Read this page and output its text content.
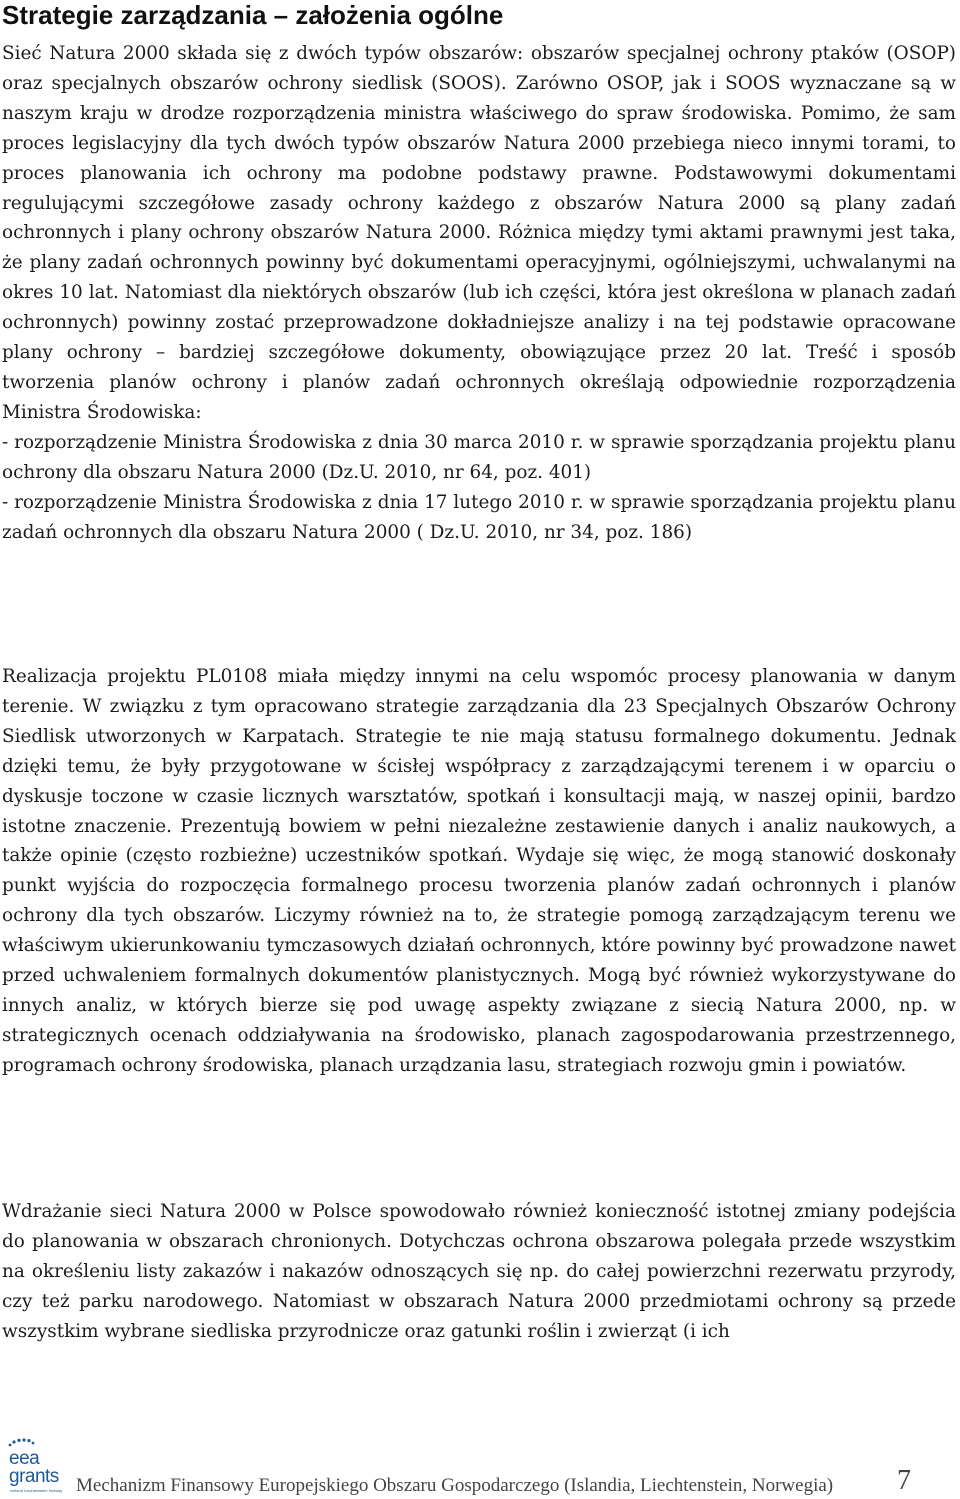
Strategie zarządzania – założenia ogólne

Sieć Natura 2000 składa się z dwóch typów obszarów: obszarów specjalnej ochrony ptaków (OSOP) oraz specjalnych obszarów ochrony siedlisk (SOOS). Zarówno OSOP, jak i SOOS wyznaczane są w naszym kraju w drodze rozporządzenia ministra właściwego do spraw środowiska. Pomimo, że sam proces legislacyjny dla tych dwóch typów obszarów Natura 2000 przebiega nieco innymi torami, to proces planowania ich ochrony ma podobne podstawy prawne. Podstawowymi dokumentami regulującymi szczegółowe zasady ochrony każdego z obszarów Natura 2000 są plany zadań ochronnych i plany ochrony obszarów Natura 2000. Różnica między tymi aktami prawnymi jest taka, że plany zadań ochronnych powinny być dokumentami operacyjnymi, ogólniejszymi, uchwalanymi na okres 10 lat. Natomiast dla niektórych obszarów (lub ich części, która jest określona w planach zadań ochronnych) powinny zostać przeprowadzone dokładniejsze analizy i na tej podstawie opracowane plany ochrony – bardziej szczegółowe dokumenty, obowiązujące przez 20 lat. Treść i sposób tworzenia planów ochrony i planów zadań ochronnych określają odpowiednie rozporządzenia Ministra Środowiska:

- rozporządzenie Ministra Środowiska z dnia 30 marca 2010 r. w sprawie sporządzania projektu planu ochrony dla obszaru Natura 2000 (Dz.U. 2010, nr 64, poz. 401)

- rozporządzenie Ministra Środowiska z dnia 17 lutego 2010 r. w sprawie sporządzania projektu planu zadań ochronnych dla obszaru Natura 2000 ( Dz.U. 2010, nr 34, poz. 186)

Realizacja projektu PL0108 miała między innymi na celu wspomóc procesy planowania w danym terenie. W związku z tym opracowano strategie zarządzania dla 23 Specjalnych Obszarów Ochrony Siedlisk utworzonych w Karpatach. Strategie te nie mają statusu formalnego dokumentu. Jednak dzięki temu, że były przygotowane w ścisłej współpracy z zarządzającymi terenem i w oparciu o dyskusje toczone w czasie licznych warsztatów, spotkań i konsultacji mają, w naszej opinii, bardzo istotne znaczenie. Prezentują bowiem w pełni niezależne zestawienie danych i analiz naukowych, a także opinie (często rozbieżne) uczestników spotkań. Wydaje się więc, że mogą stanowić doskonały punkt wyjścia do rozpoczęcia formalnego procesu tworzenia planów zadań ochronnych i planów ochrony dla tych obszarów. Liczymy również na to, że strategie pomogą zarządzającym terenu we właściwym ukierunkowaniu tymczasowych działań ochronnych, które powinny być prowadzone nawet przed uchwaleniem formalnych dokumentów planistycznych. Mogą być również wykorzystywane do innych analiz, w których bierze się pod uwagę aspekty związane z siecią Natura 2000, np. w strategicznych ocenach oddziaływania na środowisko, planach zagospodarowania przestrzennego, programach ochrony środowiska, planach urządzania lasu, strategiach rozwoju gmin i powiatów.

Wdrażanie sieci Natura 2000 w Polsce spowodowało również konieczność istotnej zmiany podejścia do planowania w obszarach chronionych. Dotychczas ochrona obszarowa polegała przede wszystkim na określeniu listy zakazów i nakazów odnoszących się np. do całej powierzchni rezerwatu przyrody, czy też parku narodowego. Natomiast w obszarach Natura 2000 przedmiotami ochrony są przede wszystkim wybrane siedliska przyrodnicze oraz gatunki roślin i zwierząt (i ich

eea
grants
Iceland Liechtenstein Norway Mechanizm Finansowy Europejskiego Obszaru Gospodarczego (Islandia, Liechtenstein, Norwegia) 7
